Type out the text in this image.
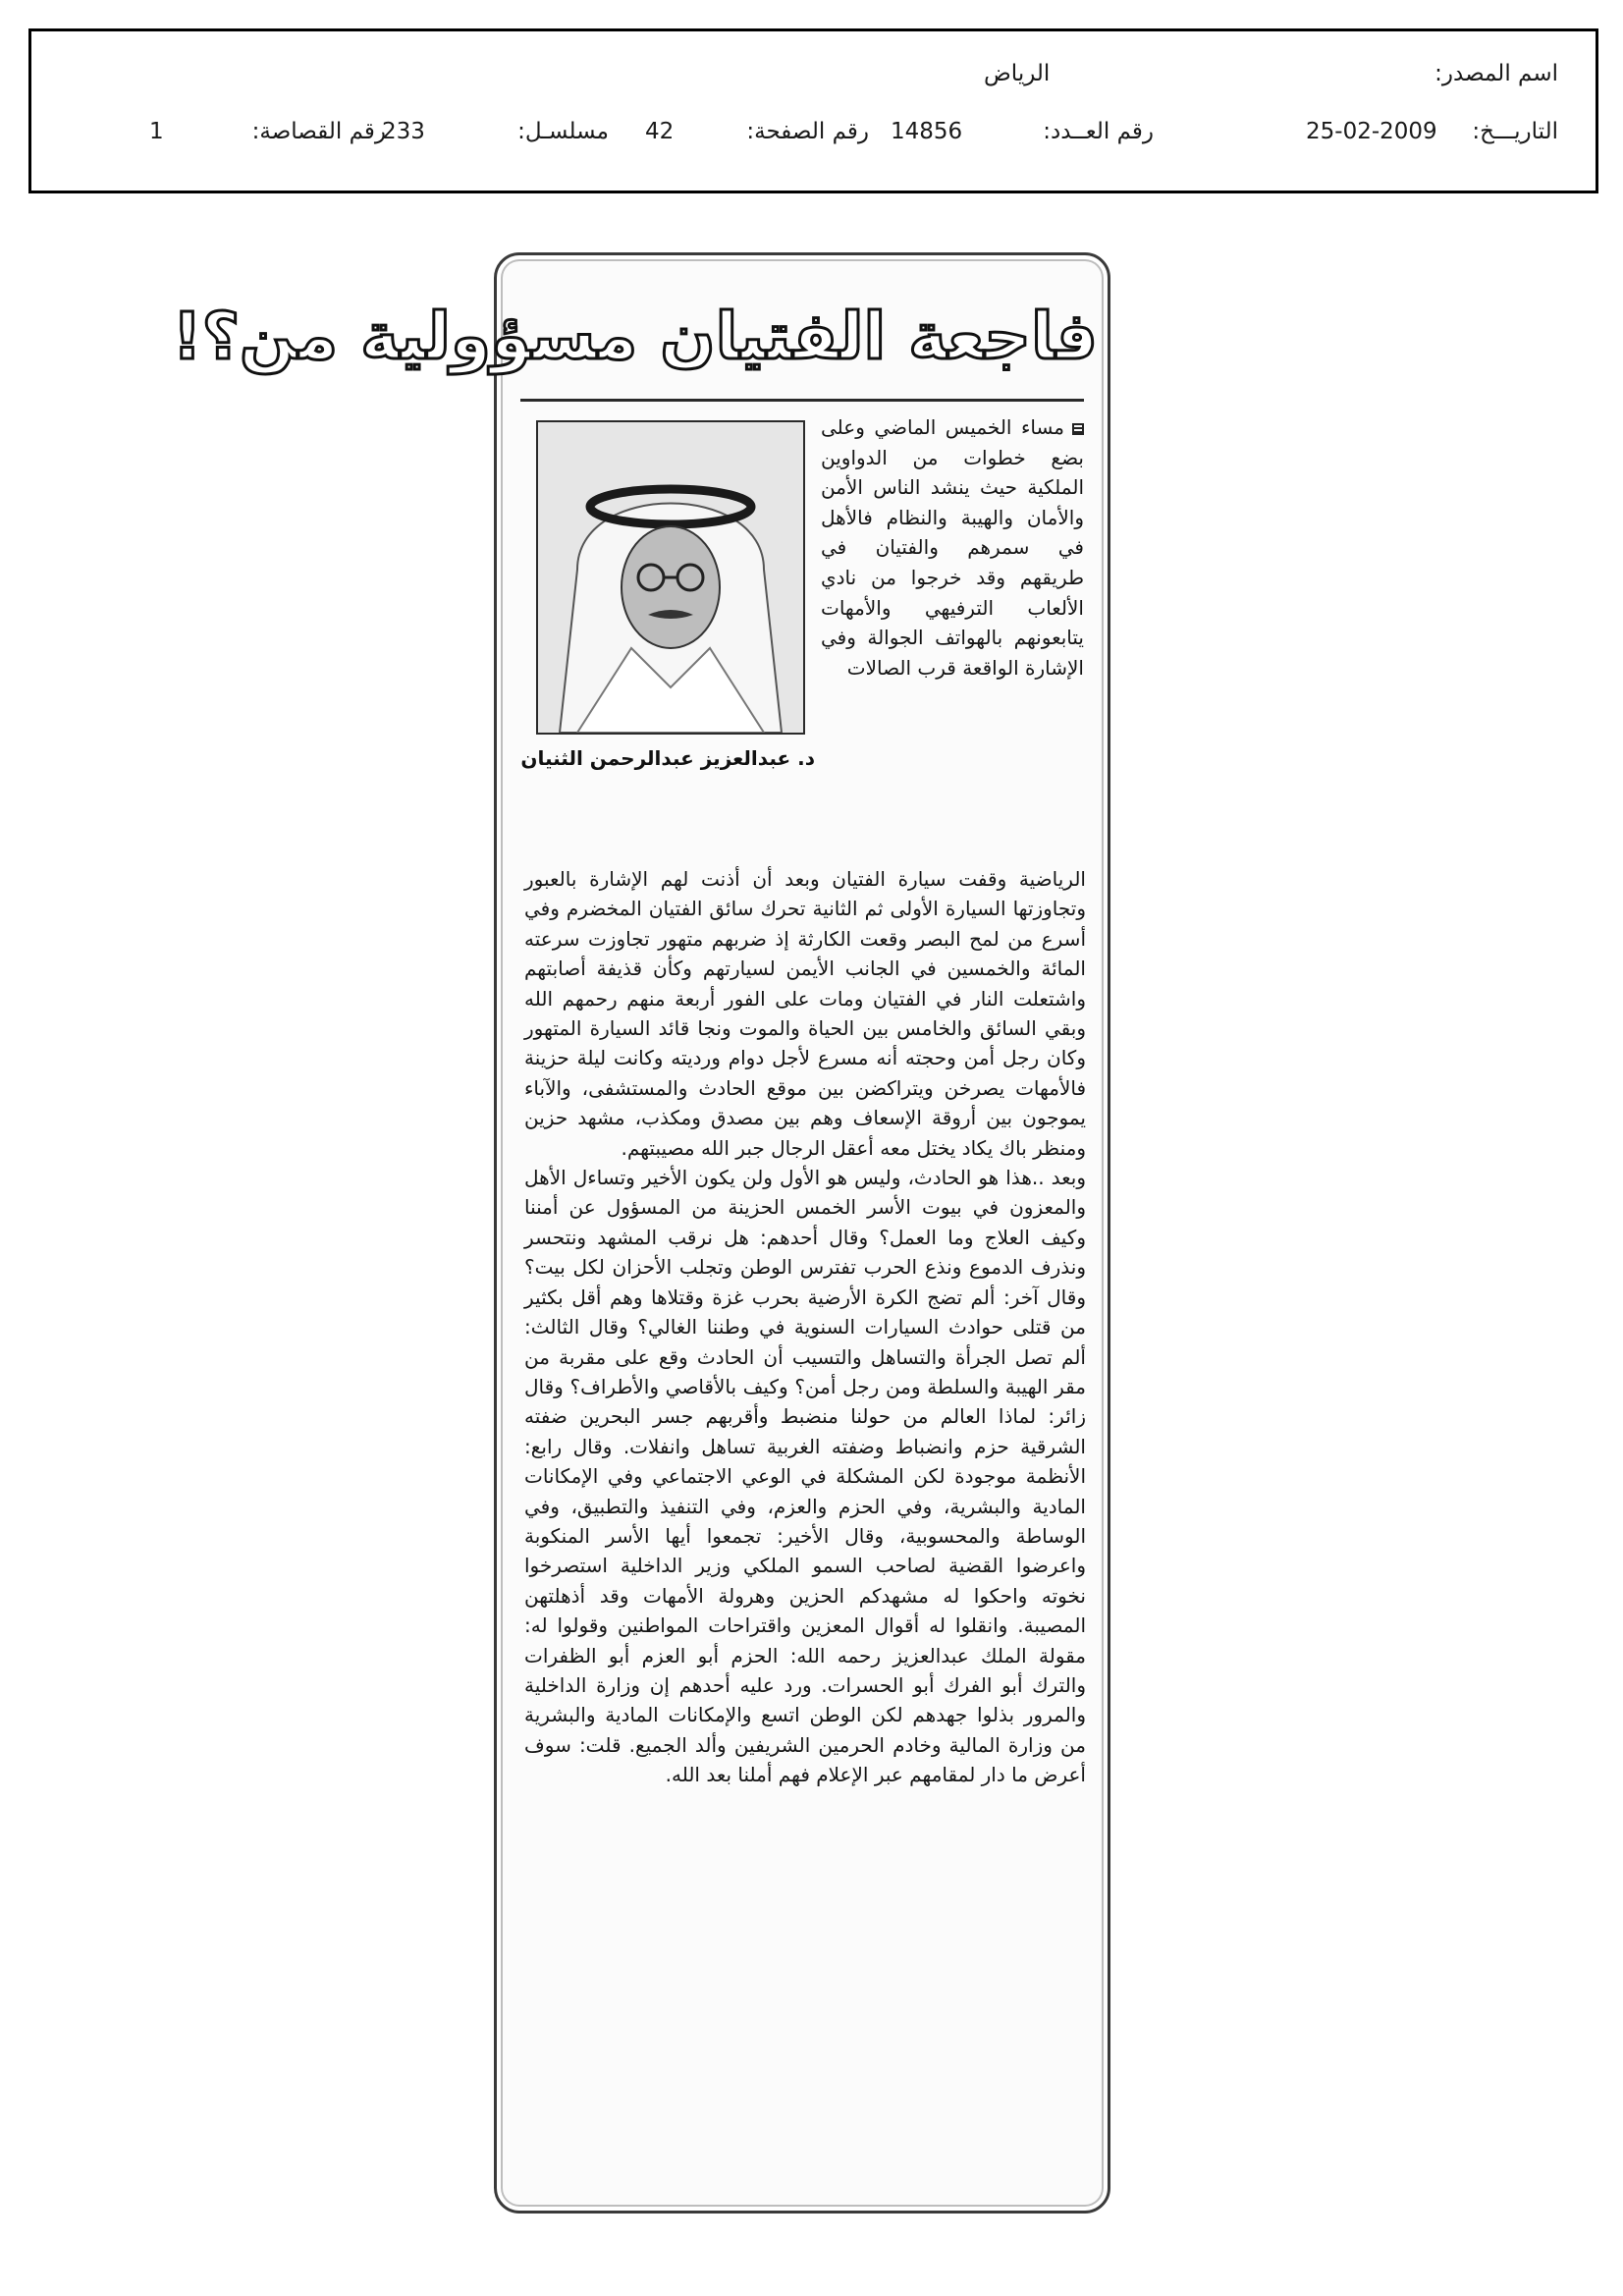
اسم المصدر:
الرياض
التاريـــخ:
25-02-2009
رقم العــدد:
14856
رقم الصفحة:
42
مسلسـل:
233
رقم القصاصة:
1
فاجعة الفتيان مسؤولية من؟!
د. عبدالعزيز عبدالرحمن الثنيان
مساء الخميس الماضي وعلى بضع خطوات من الدواوين الملكية حيث ينشد الناس الأمن والأمان والهيبة والنظام فالأهل في سمرهم والفتيان في طريقهم وقد خرجوا من نادي الألعاب الترفيهي والأمهات يتابعونهم بالهواتف الجوالة وفي الإشارة الواقعة قرب الصالات

الرياضية وقفت سيارة الفتيان وبعد أن أذنت لهم الإشارة بالعبور وتجاوزتها السيارة الأولى ثم الثانية تحرك سائق الفتيان المخضرم وفي أسرع من لمح البصر وقعت الكارثة إذ ضربهم متهور تجاوزت سرعته المائة والخمسين في الجانب الأيمن لسيارتهم وكأن قذيفة أصابتهم واشتعلت النار في الفتيان ومات على الفور أربعة منهم رحمهم الله وبقي السائق والخامس بين الحياة والموت ونجا قائد السيارة المتهور وكان رجل أمن وحجته أنه مسرع لأجل دوام ورديته وكانت ليلة حزينة فالأمهات يصرخن ويتراكضن بين موقع الحادث والمستشفى، والآباء يموجون بين أروقة الإسعاف وهم بين مصدق ومكذب، مشهد حزين ومنظر باك يكاد يختل معه أعقل الرجال جبر الله مصيبتهم.

وبعد ..هذا هو الحادث، وليس هو الأول ولن يكون الأخير وتساءل الأهل والمعزون في بيوت الأسر الخمس الحزينة من المسؤول عن أمننا وكيف العلاج وما العمل؟ وقال أحدهم: هل نرقب المشهد ونتحسر ونذرف الدموع ونذع الحرب تفترس الوطن وتجلب الأحزان لكل بيت؟ وقال آخر: ألم تضج الكرة الأرضية بحرب غزة وقتلاها وهم أقل بكثير من قتلى حوادث السيارات السنوية في وطننا الغالي؟ وقال الثالث: ألم تصل الجرأة والتساهل والتسيب أن الحادث وقع على مقربة من مقر الهيبة والسلطة ومن رجل أمن؟ وكيف بالأقاصي والأطراف؟ وقال زائر: لماذا العالم من حولنا منضبط وأقربهم جسر البحرين ضفته الشرقية حزم وانضباط وضفته الغربية تساهل وانفلات. وقال رابع: الأنظمة موجودة لكن المشكلة في الوعي الاجتماعي وفي الإمكانات المادية والبشرية، وفي الحزم والعزم، وفي التنفيذ والتطبيق، وفي الوساطة والمحسوبية، وقال الأخير: تجمعوا أيها الأسر المنكوبة واعرضوا القضية لصاحب السمو الملكي وزير الداخلية استصرخوا نخوته واحكوا له مشهدكم الحزين وهرولة الأمهات وقد أذهلتهن المصيبة. وانقلوا له أقوال المعزين واقتراحات المواطنين وقولوا له: مقولة الملك عبدالعزيز رحمه الله: الحزم أبو العزم أبو الظفرات والترك أبو الفرك أبو الحسرات. ورد عليه أحدهم إن وزارة الداخلية والمرور بذلوا جهدهم لكن الوطن اتسع والإمكانات المادية والبشرية من وزارة المالية وخادم الحرمين الشريفين وألد الجميع. قلت: سوف أعرض ما دار لمقامهم عبر الإعلام فهم أملنا بعد الله.
